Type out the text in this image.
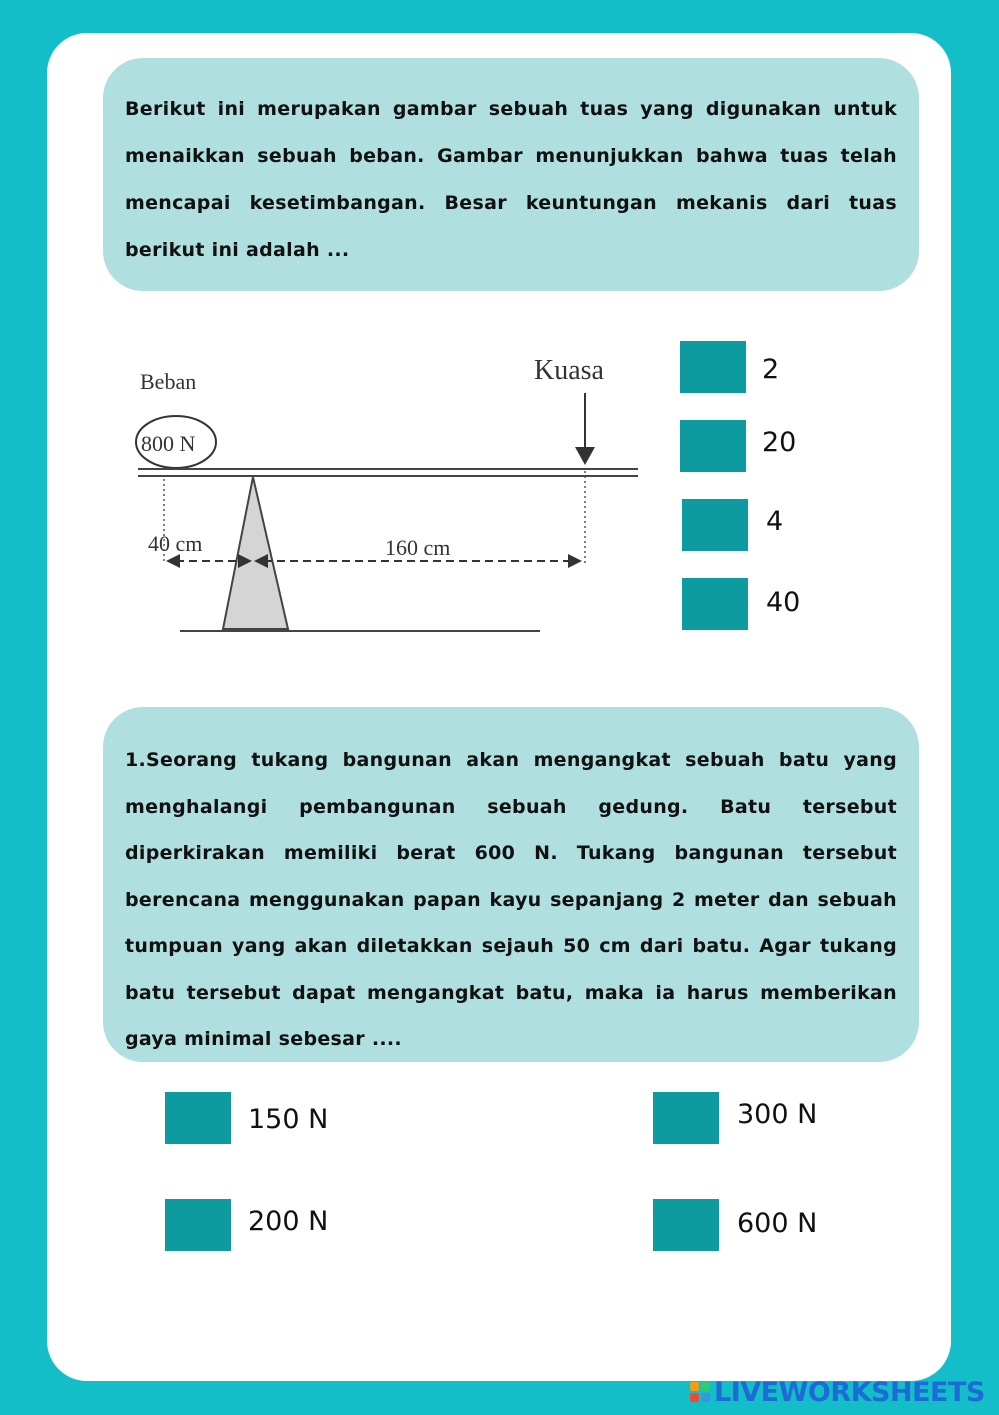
Berikut ini merupakan gambar sebuah tuas yang digunakan untuk menaikkan sebuah beban. Gambar menunjukkan bahwa tuas telah mencapai kesetimbangan. Besar keuntungan mekanis dari tuas berikut ini adalah ...

Beban
800 N
Kuasa
40 cm	160 cm
2
20
4
40

1.Seorang tukang bangunan akan mengangkat sebuah batu yang menghalangi pembangunan sebuah gedung. Batu tersebut diperkirakan memiliki berat 600 N. Tukang bangunan tersebut berencana menggunakan papan kayu sepanjang 2 meter dan sebuah tumpuan yang akan diletakkan sejauh 50 cm dari batu. Agar tukang batu tersebut dapat mengangkat batu, maka ia harus memberikan gaya minimal sebesar ....

150 N	300 N
200 N	600 N
LIVEWORKSHEETS
